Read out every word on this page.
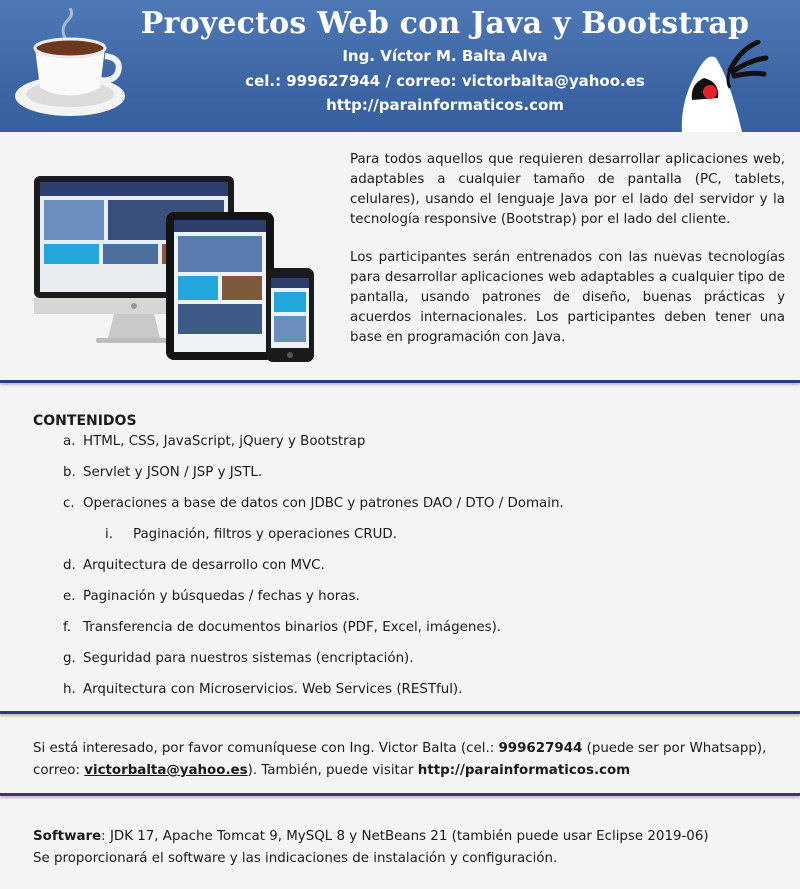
Proyectos Web con Java y Bootstrap
Ing. Víctor M. Balta Alva
cel.: 999627944 / correo: victorbalta@yahoo.es
http://parainformaticos.com

Para todos aquellos que requieren desarrollar aplicaciones web, adaptables a cualquier tamaño de pantalla (PC, tablets, celulares), usando el lenguaje Java por el lado del servidor y la tecnología responsive (Bootstrap) por el lado del cliente.

Los participantes serán entrenados con las nuevas tecnologías para desarrollar aplicaciones web adaptables a cualquier tipo de pantalla, usando patrones de diseño, buenas prácticas y acuerdos internacionales. Los participantes deben tener una base en programación con Java.

CONTENIDOS
a. HTML, CSS, JavaScript, jQuery y Bootstrap
b. Servlet y JSON / JSP y JSTL.
c. Operaciones a base de datos con JDBC y patrones DAO / DTO / Domain.
i. Paginación, filtros y operaciones CRUD.
d. Arquitectura de desarrollo con MVC.
e. Paginación y búsquedas / fechas y horas.
f. Transferencia de documentos binarios (PDF, Excel, imágenes).
g. Seguridad para nuestros sistemas (encriptación).
h. Arquitectura con Microservicios. Web Services (RESTful).
Si está interesado, por favor comuníquese con Ing. Victor Balta (cel.: 999627944 (puede ser por Whatsapp), correo: victorbalta@yahoo.es). También, puede visitar http://parainformaticos.com
Software: JDK 17, Apache Tomcat 9, MySQL 8 y NetBeans 21 (también puede usar Eclipse 2019-06)
Se proporcionará el software y las indicaciones de instalación y configuración.
